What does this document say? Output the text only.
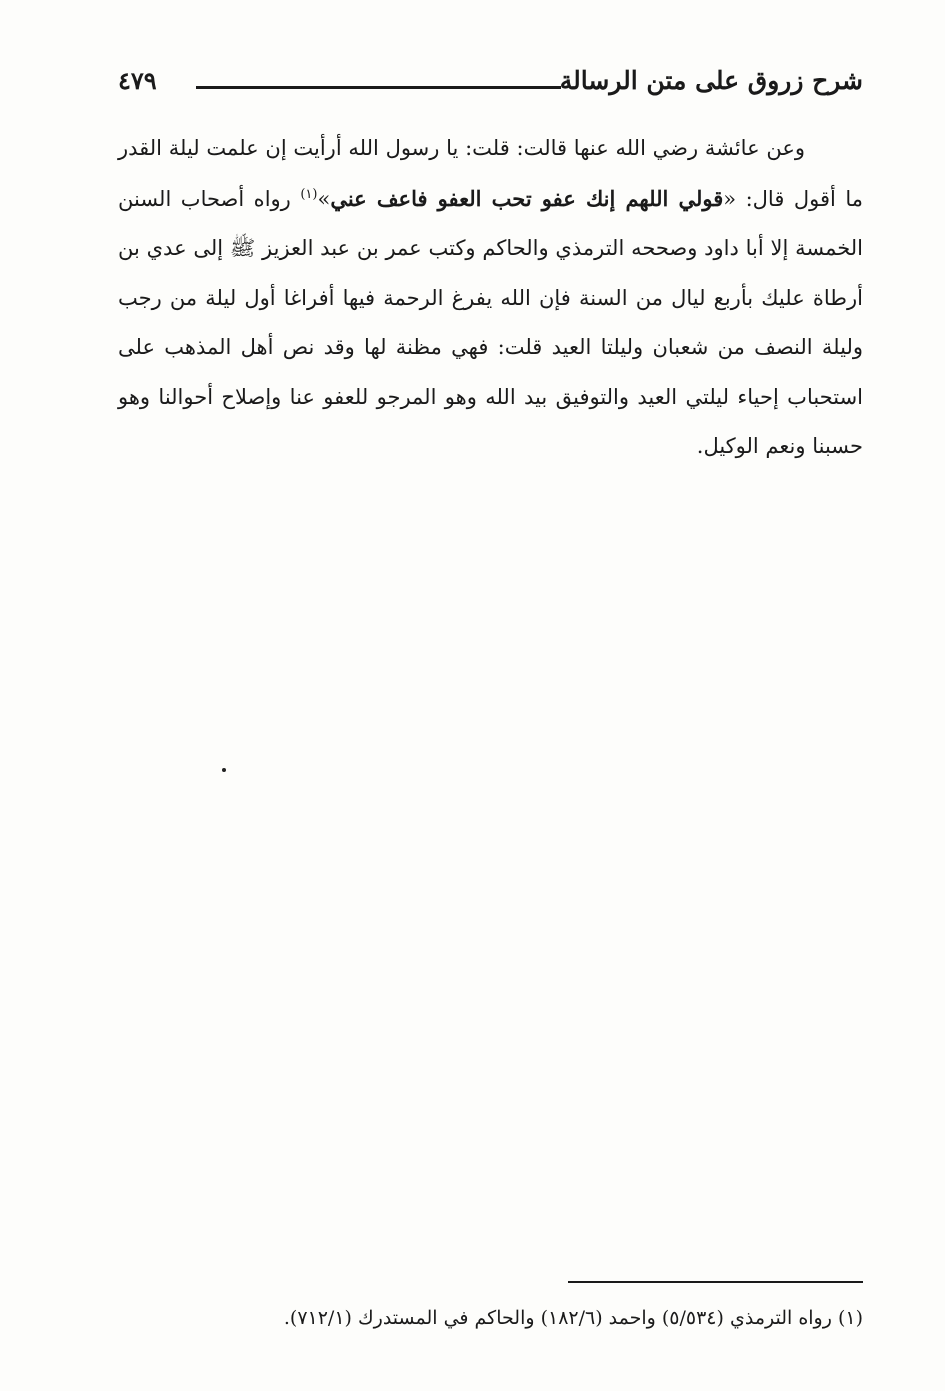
شرح زروق على متن الرسالة
٤٧٩

وعن عائشة رضي الله عنها قالت: قلت: يا رسول الله أرأيت إن علمت ليلة القدر ما أقول قال: «قولي اللهم إنك عفو تحب العفو فاعف عني»$^{(١)}$ رواه أصحاب السنن الخمسة إلا أبا داود وصححه الترمذي والحاكم وكتب عمر بن عبد العزيز ﷺ إلى عدي بن أرطاة عليك بأربع ليال من السنة فإن الله يفرغ الرحمة فيها أفراغا أول ليلة من رجب وليلة النصف من شعبان وليلتا العيد قلت: فهي مظنة لها وقد نص أهل المذهب على استحباب إحياء ليلتي العيد والتوفيق بيد الله وهو المرجو للعفو عنا وإصلاح أحوالنا وهو حسبنا ونعم الوكيل.

(١) رواه الترمذي (٥/٥٣٤) واحمد (١٨٢/٦) والحاكم في المستدرك (٧١٢/١).
